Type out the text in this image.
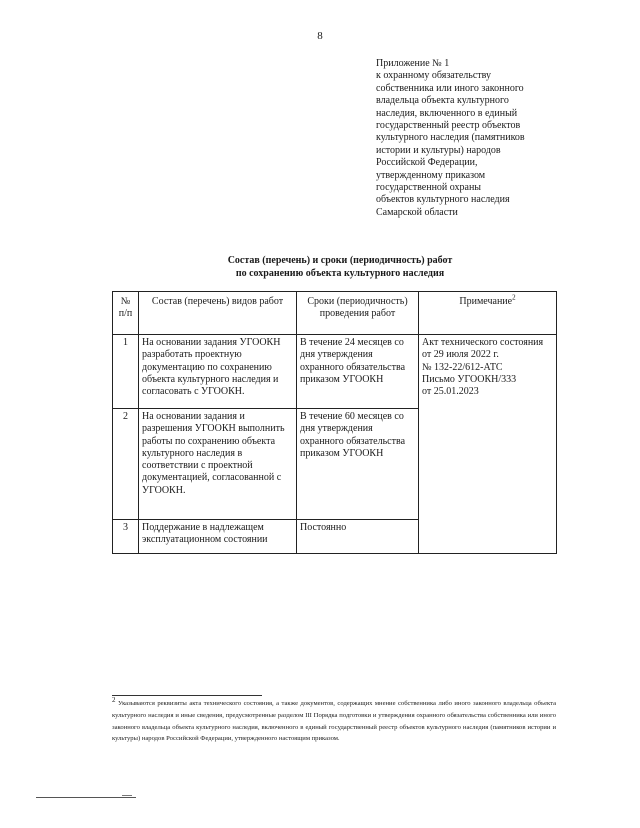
8
Приложение № 1
к охранному обязательству
собственника или иного законного
владельца объекта культурного
наследия, включенного в единый
государственный реестр объектов
культурного наследия (памятников
истории и культуры) народов
Российской Федерации,
утвержденному приказом
государственной охраны
объектов культурного наследия
Самарской области
Состав (перечень) и сроки (периодичность) работ
по сохранению объекта культурного наследия
№ п/п	Состав (перечень) видов работ	Сроки (периодичность) проведения работ	Примечание$^2$
1	На основании задания УГООКН разработать проектную документацию по сохранению объекта культурного наследия и согласовать с УГООКН.	В течение 24 месяцев со дня утверждения охранного обязательства приказом УГООКН	Акт технического состояния
от 29 июля 2022 г.
№ 132-22/612-АТС
Письмо УГООКН/333
от 25.01.2023

2	На основании задания и разрешения УГООКН выполнить работы по сохранению объекта культурного наследия в соответствии с проектной документацией, согласованной с УГООКН.	В течение 60 месяцев со дня утверждения охранного обязательства приказом УГООКН	
3	Поддержание в надлежащем эксплуатационном состоянии	Постоянно	
$^2$ Указываются реквизиты акта технического состояния, а также документов, содержащих мнение собственника либо иного законного владельца объекта культурного наследия и иные сведения, предусмотренные разделом III Порядка подготовки и утверждения охранного обязательства собственника или иного законного владельца объекта культурного наследия, включенного в единый государственный реестр объектов культурного наследия (памятников истории и культуры) народов Российской Федерации, утвержденного настоящим приказом.
